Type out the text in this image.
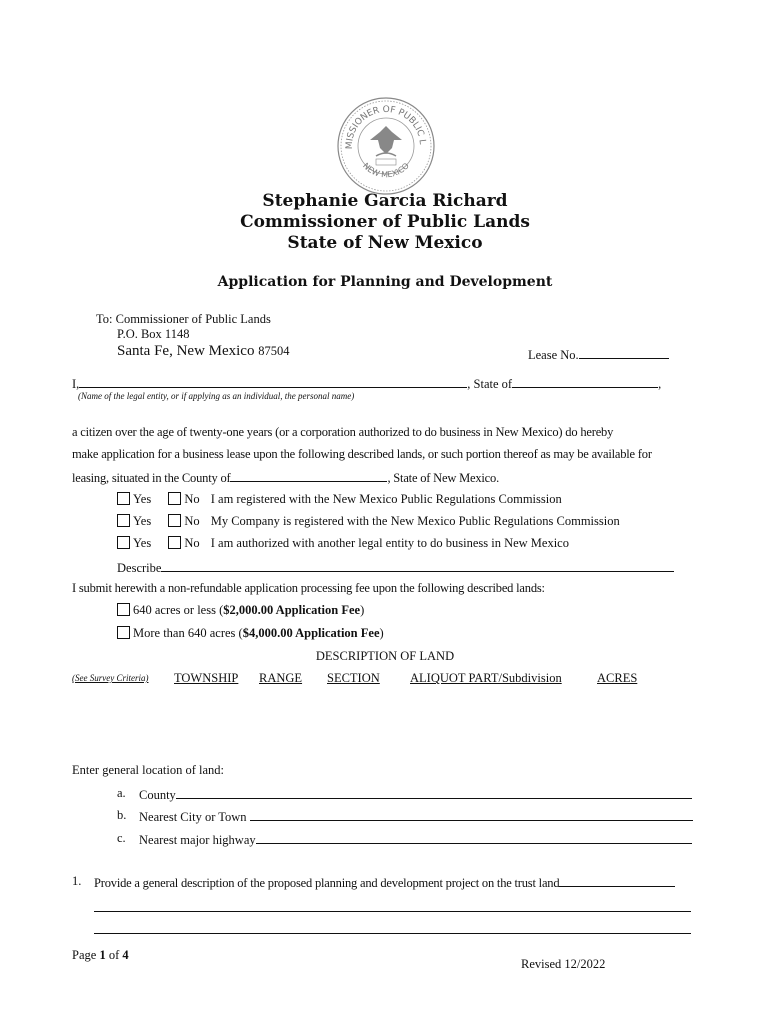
MISSIONER OF PUBLIC L
NEW MEXICO
Stephanie Garcia Richard
Commissioner of Public Lands
State of New Mexico
Application for Planning and Development
To: Commissioner of Public Lands
P.O. Box 1148
Santa Fe, New Mexico 87504	Lease No.
I,	, State of	,
(Name of the legal entity, or if applying as an individual, the personal name)
a citizen over the age of twenty-one years (or a corporation authorized to do business in New Mexico) do hereby
make application for a business lease upon the following described lands, or such portion thereof as may be available for
leasing, situated in the County of	, State of New Mexico.
Yes	No I am registered with the New Mexico Public Regulations Commission
Yes	No My Company is registered with the New Mexico Public Regulations Commission
Yes	No I am authorized with another legal entity to do business in New Mexico
Describe
I submit herewith a non-refundable application processing fee upon the following described lands:
640 acres or less ($2,000.00 Application Fee)
More than 640 acres ($4,000.00 Application Fee)
DESCRIPTION OF LAND
(See Survey Criteria) TOWNSHIP RANGE SECTION ALIQUOT PART/Subdivision	ACRES
Enter general location of land:
a. County
b. Nearest City or Town
c. Nearest major highway
1. Provide a general description of the proposed planning and development project on the trust land
Page 1 of 4
Revised 12/2022
